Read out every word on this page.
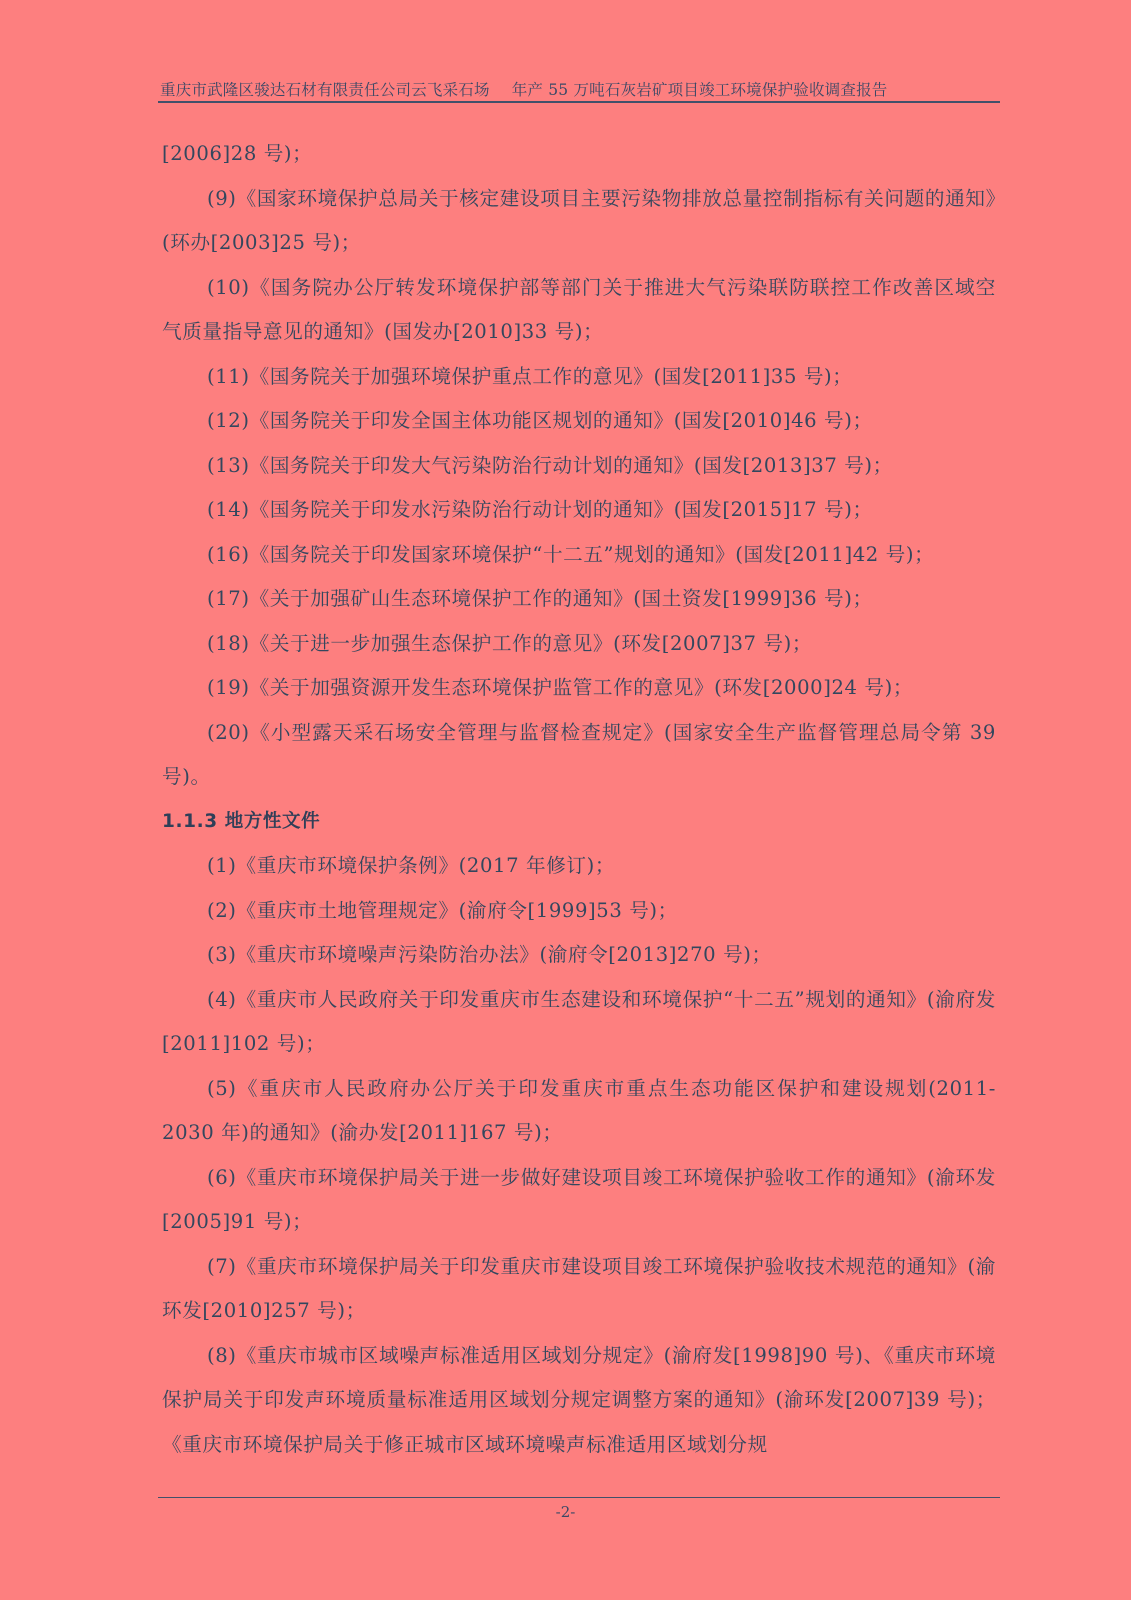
重庆市武隆区骏达石材有限责任公司云飞采石场 年产 55 万吨石灰岩矿项目竣工环境保护验收调查报告

[2006]28 号)；

(9)《国家环境保护总局关于核定建设项目主要污染物排放总量控制指标有关问题的通知》(环办[2003]25 号)；

(10)《国务院办公厅转发环境保护部等部门关于推进大气污染联防联控工作改善区域空气质量指导意见的通知》(国发办[2010]33 号)；

(11)《国务院关于加强环境保护重点工作的意见》(国发[2011]35 号)；

(12)《国务院关于印发全国主体功能区规划的通知》(国发[2010]46 号)；

(13)《国务院关于印发大气污染防治行动计划的通知》(国发[2013]37 号)；

(14)《国务院关于印发水污染防治行动计划的通知》(国发[2015]17 号)；

(16)《国务院关于印发国家环境保护“十二五”规划的通知》(国发[2011]42 号)；

(17)《关于加强矿山生态环境保护工作的通知》(国土资发[1999]36 号)；

(18)《关于进一步加强生态保护工作的意见》(环发[2007]37 号)；

(19)《关于加强资源开发生态环境保护监管工作的意见》(环发[2000]24 号)；

(20)《小型露天采石场安全管理与监督检查规定》(国家安全生产监督管理总局令第 39 号)。

1.1.3 地方性文件

(1)《重庆市环境保护条例》(2017 年修订)；

(2)《重庆市土地管理规定》(渝府令[1999]53 号)；

(3)《重庆市环境噪声污染防治办法》(渝府令[2013]270 号)；

(4)《重庆市人民政府关于印发重庆市生态建设和环境保护“十二五”规划的通知》(渝府发[2011]102 号)；

(5)《重庆市人民政府办公厅关于印发重庆市重点生态功能区保护和建设规划(2011-2030 年)的通知》(渝办发[2011]167 号)；

(6)《重庆市环境保护局关于进一步做好建设项目竣工环境保护验收工作的通知》(渝环发[2005]91 号)；

(7)《重庆市环境保护局关于印发重庆市建设项目竣工环境保护验收技术规范的通知》(渝环发[2010]257 号)；

(8)《重庆市城市区域噪声标准适用区域划分规定》(渝府发[1998]90 号)、《重庆市环境保护局关于印发声环境质量标准适用区域划分规定调整方案的通知》(渝环发[2007]39 号)；《重庆市环境保护局关于修正城市区域环境噪声标准适用区域划分规

-2-
